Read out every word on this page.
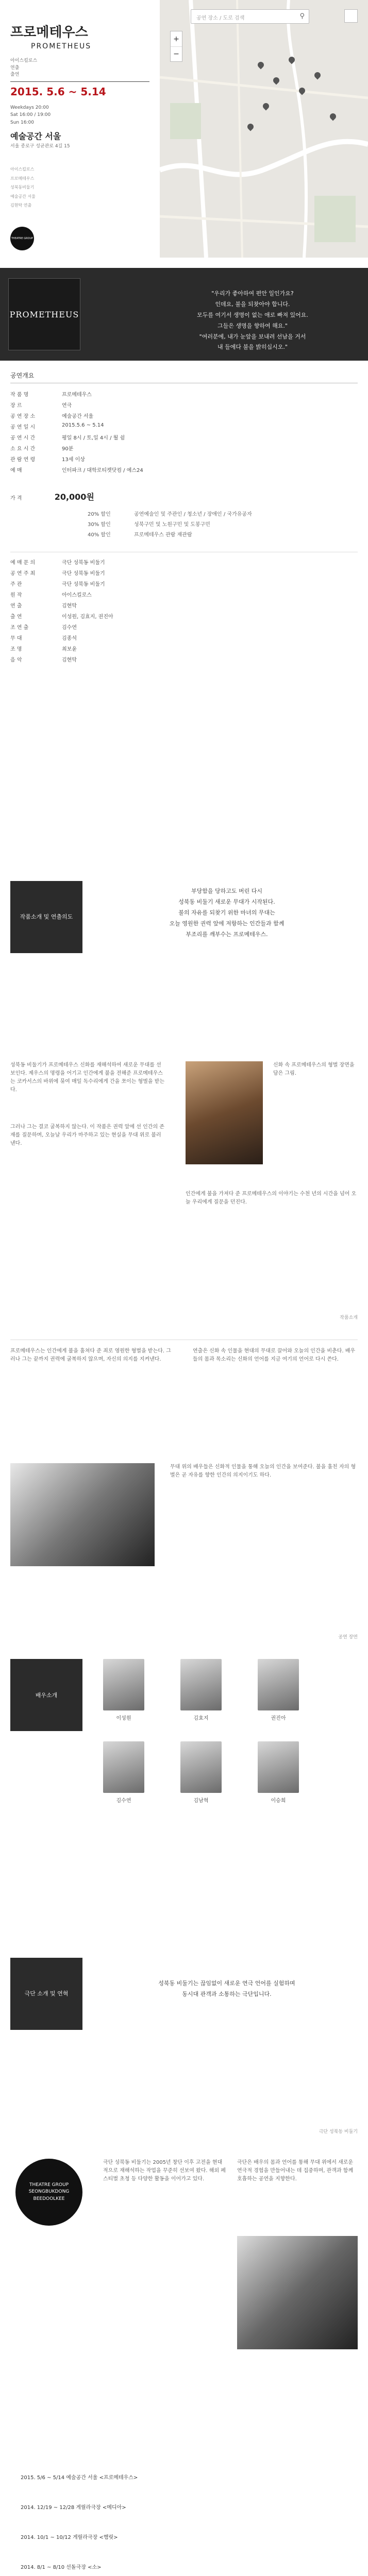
프로메테우스
PROMETHEUS
아이스킬로스
연출
출연
2015. 5.6 ~ 5.14
Weekdays 20:00
Sat 16:00 / 19:00
Sun 16:00
예술공간 서울
서울 종로구 성균관로 4길 15
아이스킬로스
프로메테우스
성북동비둘기
예술공간 서울
김현탁 연출
THEATRE GROUP
공연 장소 / 도로 검색	⚲
+
−
PROMETHEUS
"우리가 좋아하여 편안 일인가요?
인데요, 불을 되찾아야 합니다.
모두를 여기서 생명이 없는 애로 빠져 있어요.
그들은 생명을 향하여 해요."
"여러분에, 내가 눈앞을 보내려 선남을 거서
내 들에다 불을 밝히십시오."
공연개요
작 품 명	프로메테우스
장 르	연극
공 연 장 소	예술공간 서울
공 연 일 시	2015.5.6 ~ 5.14
공 연 시 간	평일 8시 / 토,일 4시 / 월 쉼
소 요 시 간	90분
관 람 연 령	13세 이상
예 매	인터파크 / 대학로티켓닷컴 / 예스24
가 격	20,000원
20% 할인	공연예술인 및 주관인 / 청소년 / 장애인 / 국가유공자
30% 할인	성북구민 및 노원구민 및 도봉구민
40% 할인	프로메테우스 관람 재관람
예 매 문 의	극단 성북동 비둘기
공 연 주 최	극단 성북동 비둘기
주 관	극단 성북동 비둘기
원 작	아이스킬로스
연 출	김현탁
출 연	이성원, 김효지, 권진아
조 연 출	김수연
무 대	김종석
조 명	최보윤
음 악	김현탁
작품소개 및 연출의도
부당함을 당하고도 버린 다시
성북동 비둘기 새로운 무대가 시작된다.
불의 자유를 되찾기 위한 마녀의 무대는
오늘 영원한 권력 앞에 저항하는 인간들과 함께
부조리를 깨부수는 프로메테우스.
성북동 비둘기가 프로메테우스 신화를 재해석하여 새로운 무대를 선보인다. 제우스의 명령을 어기고 인간에게 불을 전해준 프로메테우스는 코카서스의 바위에 묶여 매일 독수리에게 간을 쪼이는 형벌을 받는다.
그러나 그는 결코 굴복하지 않는다. 이 작품은 권력 앞에 선 인간의 존재를 질문하며, 오늘날 우리가 마주하고 있는 현실을 무대 위로 불러낸다.
신화 속 프로메테우스의 형벌 장면을 담은 그림.
인간에게 불을 가져다 준 프로메테우스의 이야기는 수천 년의 시간을 넘어 오늘 우리에게 질문을 던진다.
작품소개
프로메테우스는 인간에게 불을 훔쳐다 준 죄로 영원한 형벌을 받는다. 그러나 그는 끝까지 권력에 굴복하지 않으며, 자신의 의지를 지켜낸다.
연출은 신화 속 인물을 현대의 무대로 끌어와 오늘의 인간을 비춘다. 배우들의 몸과 목소리는 신화의 언어를 지금 여기의 언어로 다시 쓴다.
무대 위의 배우들은 신화적 인물을 통해 오늘의 인간을 보여준다. 불을 훔친 자의 형벌은 곧 자유를 향한 인간의 의지이기도 하다.
공연 장면
배우소개
이성원	김효지	권진아
김수연	김남혁	이승희
극단 소개 및 연혁
성북동 비둘기는 끊임없이 새로운 연극 언어를 실험하며
동시대 관객과 소통하는 극단입니다.
극단 성북동 비둘기
THEATRE GROUP SEONGBUKDONG BEEDOOLKEE
극단 성북동 비둘기는 2005년 창단 이후 고전을 현대적으로 재해석하는 작업을 꾸준히 선보여 왔다. 해외 페스티벌 초청 등 다양한 활동을 이어가고 있다.
극단은 배우의 몸과 언어를 통해 무대 위에서 새로운 연극적 경험을 만들어내는 데 집중하며, 관객과 함께 호흡하는 공연을 지향한다.
2015. 5/6 ~ 5/14 예술공간 서울 <프로메테우스>
2014. 12/19 ~ 12/28 게릴라극장 <메디아>
2014. 10/1 ~ 10/12 게릴라극장 <햄릿>
2014. 8/1 ~ 8/10 선돌극장 <소>
